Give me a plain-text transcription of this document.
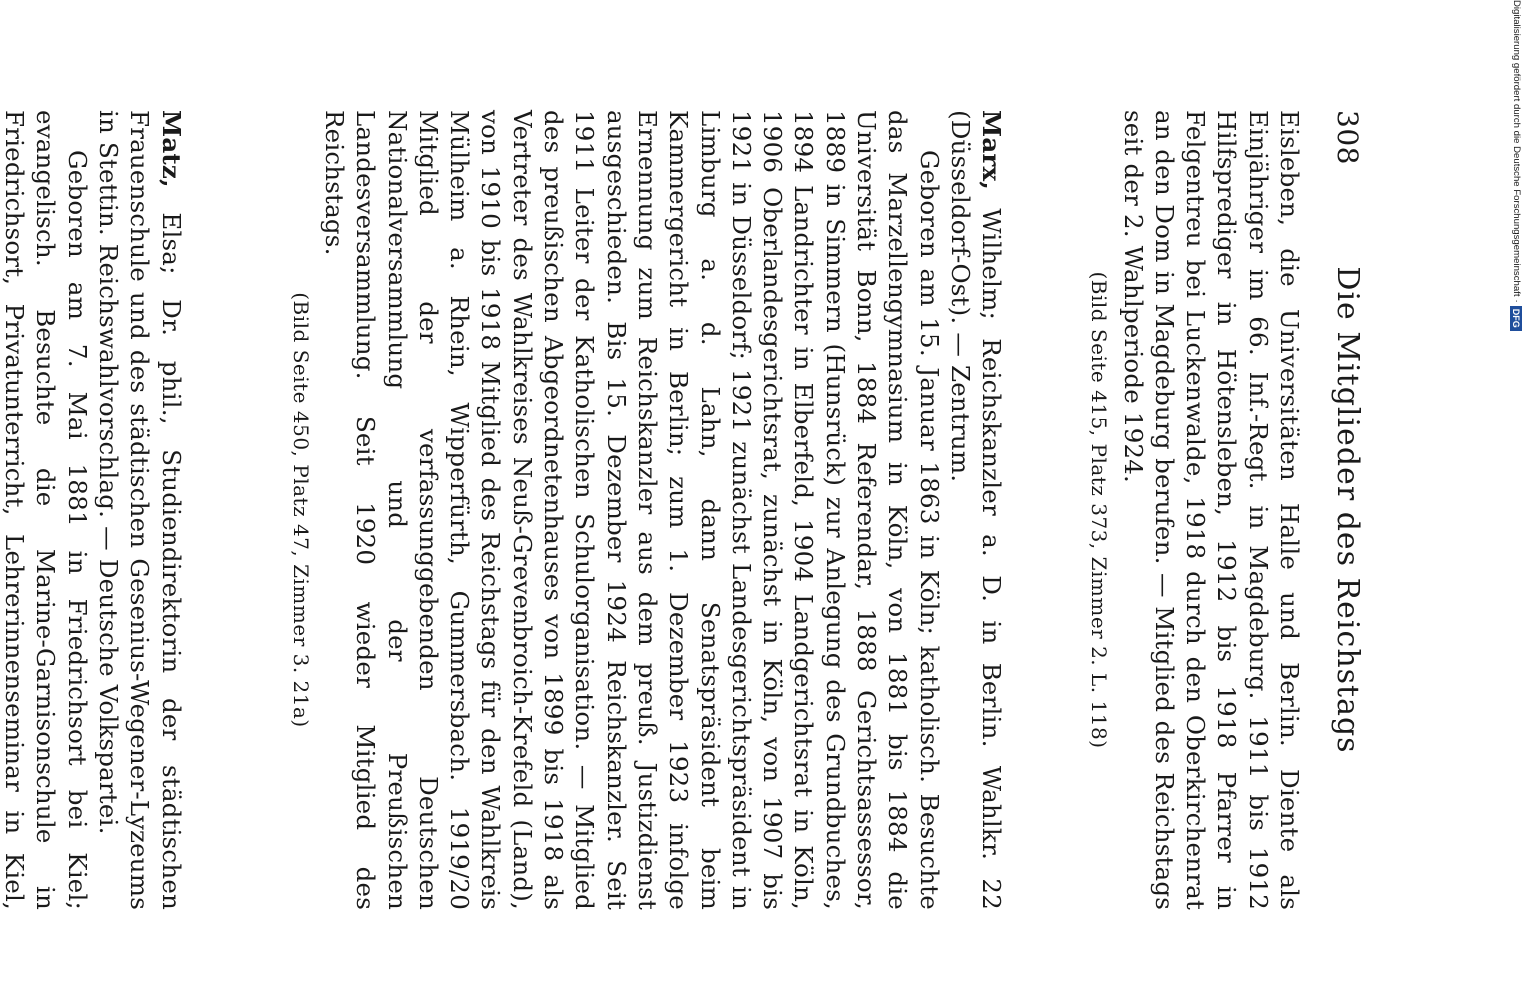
308
Die Mitglieder des Reichstags

Eisleben, die Universitäten Halle und Berlin. Diente als Einjähriger im 66. Inf.-Regt. in Magdeburg. 1911 bis 1912 Hilfsprediger in Hötensleben, 1912 bis 1918 Pfarrer in Felgentreu bei Luckenwalde, 1918 durch den Oberkirchenrat an den Dom in Magdeburg berufen. — Mitglied des Reichstags seit der 2. Wahlperiode 1924.

(Bild Seite 415, Platz 373, Zimmer 2. L. 118)

Marx, Wilhelm; Reichskanzler a. D. in Berlin. Wahlkr. 22 (Düsseldorf-Ost). — Zentrum.

Geboren am 15. Januar 1863 in Köln; katholisch. Besuchte das Marzellengymnasium in Köln, von 1881 bis 1884 die Universität Bonn, 1884 Referendar, 1888 Gerichtsassessor, 1889 in Simmern (Hunsrück) zur Anlegung des Grundbuches, 1894 Landrichter in Elberfeld, 1904 Landgerichtsrat in Köln, 1906 Oberlandesgerichtsrat, zunächst in Köln, von 1907 bis 1921 in Düsseldorf; 1921 zunächst Landesgerichtspräsident in Limburg a. d. Lahn, dann Senatspräsident beim Kammergericht in Berlin; zum 1. Dezember 1923 infolge Ernennung zum Reichskanzler aus dem preuß. Justizdienst ausgeschieden. Bis 15. Dezember 1924 Reichskanzler. Seit 1911 Leiter der Katholischen Schulorganisation. — Mitglied des preußischen Abgeordnetenhauses von 1899 bis 1918 als Vertreter des Wahlkreises Neuß-Grevenbroich-Krefeld (Land), von 1910 bis 1918 Mitglied des Reichstags für den Wahlkreis Mülheim a. Rhein, Wipperfürth, Gummersbach. 1919/20 Mitglied der verfassunggebenden Deutschen Nationalversammlung und der Preußischen Landesversammlung. Seit 1920 wieder Mitglied des Reichstags.

(Bild Seite 450, Platz 47, Zimmer 3. 21a)

Matz, Elsa; Dr. phil., Studiendirektorin der städtischen Frauenschule und des städtischen Gesenius-Wegener-Lyzeums in Stettin. Reichswahlvorschlag. — Deutsche Volkspartei.

Geboren am 7. Mai 1881 in Friedrichsort bei Kiel; evangelisch. Besuchte die Marine-Garnisonschule in Friedrichsort, Privatunterricht, Lehrerinnenseminar in Kiel,

Digitalisierung gefördert durch die Deutsche Forschungsgemeinschaft
·
DFG
